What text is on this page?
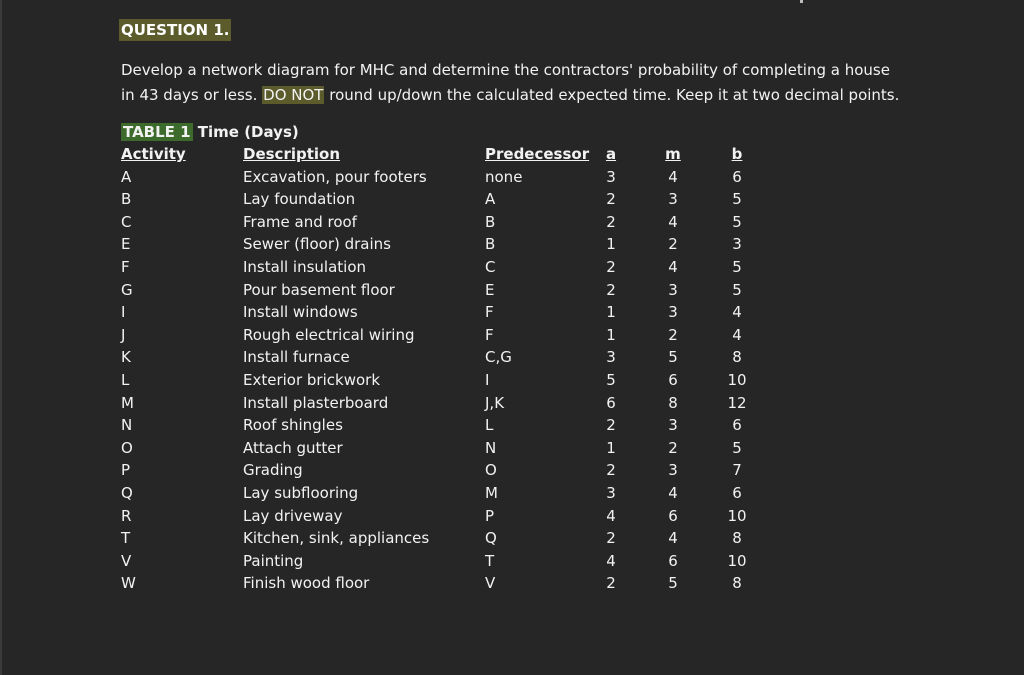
QUESTION 1.
Develop a network diagram for MHC and determine the contractors' probability of completing a house
in 43 days or less. DO NOT round up/down the calculated expected time. Keep it at two decimal points.
TABLE 1 Time (Days)
Activity	Description	Predecessor	a	m	b
A	Excavation, pour footers	none	3	4	6
B	Lay foundation	A	2	3	5
C	Frame and roof	B	2	4	5
E	Sewer (floor) drains	B	1	2	3
F	Install insulation	C	2	4	5
G	Pour basement floor	E	2	3	5
I	Install windows	F	1	3	4
J	Rough electrical wiring	F	1	2	4
K	Install furnace	C,G	3	5	8
L	Exterior brickwork	I	5	6	10
M	Install plasterboard	J,K	6	8	12
N	Roof shingles	L	2	3	6
O	Attach gutter	N	1	2	5
P	Grading	O	2	3	7
Q	Lay subflooring	M	3	4	6
R	Lay driveway	P	4	6	10
T	Kitchen, sink, appliances	Q	2	4	8
V	Painting	T	4	6	10
W	Finish wood floor	V	2	5	8
